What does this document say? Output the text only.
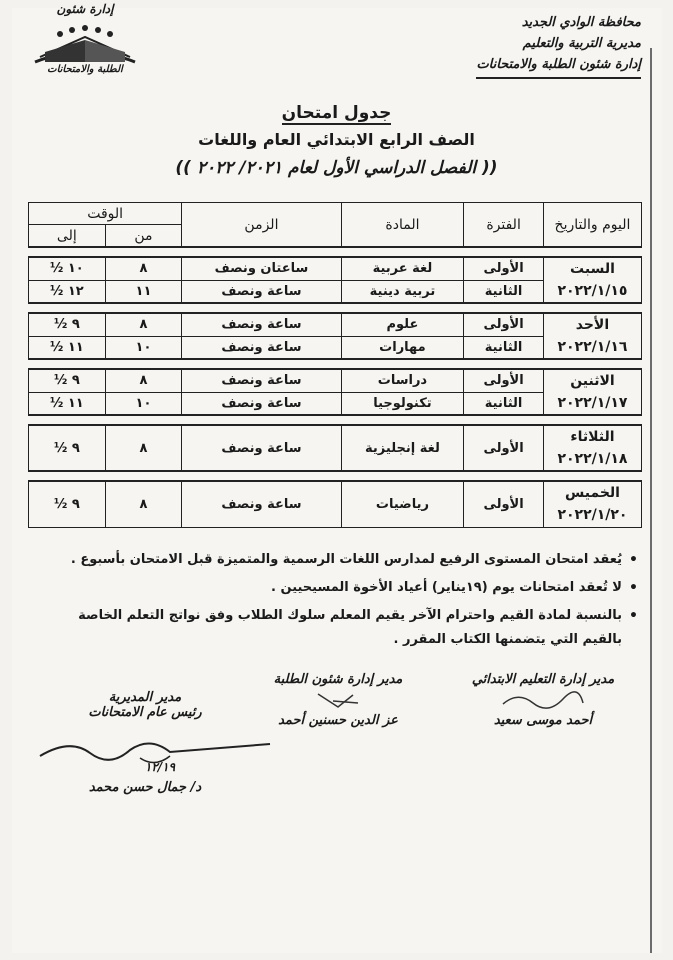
محافظة الوادي الجديد
مديرية التربية والتعليم
إدارة شئون الطلبة والامتحانات
إدارة شئون
الطلبة والامتحانات
جدول امتحان
الصف الرابع الابتدائي العام واللغات
(( الفصل الدراسي الأول لعام ٢٠٢١/ ٢٠٢٢ ))
اليوم والتاريخ	الفترة	المادة	الزمن	الوقت	
				من	إلى

السبت
٢٠٢٢/١/١٥	الأولى	لغة عربية	ساعتان ونصف	٨	١٠ ½
	الثانية	تربية دينية	ساعة ونصف	١١	١٢ ½

الأحد
٢٠٢٢/١/١٦	الأولى	علوم	ساعة ونصف	٨	٩ ½
	الثانية	مهارات	ساعة ونصف	١٠	١١ ½

الاثنين
٢٠٢٢/١/١٧	الأولى	دراسات	ساعة ونصف	٨	٩ ½
	الثانية	تكنولوجيا	ساعة ونصف	١٠	١١ ½

الثلاثاء
٢٠٢٢/١/١٨	الأولى	لغة إنجليزية	ساعة ونصف	٨	٩ ½

الخميس
٢٠٢٢/١/٢٠	الأولى	رياضيات	ساعة ونصف	٨	٩ ½
• يُعقد امتحان المستوى الرفيع لمدارس اللغات الرسمية والمتميزة قبل الامتحان بأسبوع .
• لا تُعقد امتحانات يوم (١٩يناير) أعياد الأخوة المسيحيين .
• بالنسبة لمادة القيم واحترام الآخر يقيم المعلم سلوك الطلاب وفق نواتج التعلم الخاصة بالقيم التي يتضمنها الكتاب المقرر .
مدير إدارة التعليم الابتدائي
أحمد موسى سعيد
مدير إدارة شئون الطلبة
عز الدين حسنين أحمد
مدير المديرية
رئيس عام الامتحانات
١٢/١٩
د/ جمال حسن محمد
